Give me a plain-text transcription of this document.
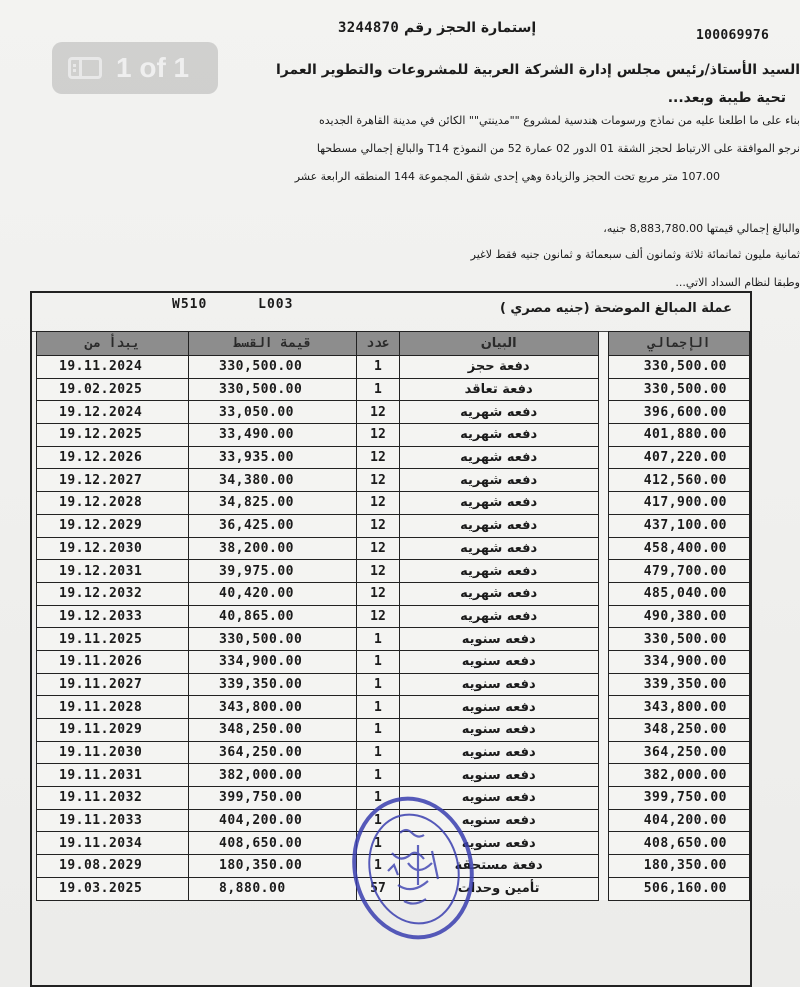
1 of 1
100069976
إستمارة الحجز رقم 3244870
السيد الأستاذ/رئيس مجلس إدارة الشركة العربية للمشروعات والتطوير العمرا
تحية طيبة وبعد...
بناء على ما اطلعنا عليه من نماذج ورسومات هندسية لمشروع ""مدينتي"" الكائن في مدينة القاهرة الجديده
نرجو الموافقة على الارتباط لحجز الشقة 01 الدور 02 عمارة 52 من النموذج T14 والبالغ إجمالي مسطحها
107.00 متر مربع تحت الحجز والزيادة وهي إحدى شقق المجموعة 144 المنطقه الرابعة عشر
والبالغ إجمالي قيمتها 8,883,780.00 جنيه،
ثمانية مليون ثمانمائة ثلاثة وثمانون ألف سبعمائة و ثمانون جنيه فقط لاغير
وطبقا لنظام السداد الاتي...
W510	L003	عملة المبالغ الموضحة (جنيه مصري )
يبدأ من	قيمة القسط	عدد	البيان		الإجمالي
19.11.2024	330,500.00	1	دفعة حجز		330,500.00
19.02.2025	330,500.00	1	دفعة تعاقد		330,500.00
19.12.2024	33,050.00	12	دفعه شهريه		396,600.00
19.12.2025	33,490.00	12	دفعه شهريه		401,880.00
19.12.2026	33,935.00	12	دفعه شهريه		407,220.00
19.12.2027	34,380.00	12	دفعه شهريه		412,560.00
19.12.2028	34,825.00	12	دفعه شهريه		417,900.00
19.12.2029	36,425.00	12	دفعه شهريه		437,100.00
19.12.2030	38,200.00	12	دفعه شهريه		458,400.00
19.12.2031	39,975.00	12	دفعه شهريه		479,700.00
19.12.2032	40,420.00	12	دفعه شهريه		485,040.00
19.12.2033	40,865.00	12	دفعه شهريه		490,380.00
19.11.2025	330,500.00	1	دفعه سنويه		330,500.00
19.11.2026	334,900.00	1	دفعه سنويه		334,900.00
19.11.2027	339,350.00	1	دفعه سنويه		339,350.00
19.11.2028	343,800.00	1	دفعه سنويه		343,800.00
19.11.2029	348,250.00	1	دفعه سنويه		348,250.00
19.11.2030	364,250.00	1	دفعه سنويه		364,250.00
19.11.2031	382,000.00	1	دفعه سنويه		382,000.00
19.11.2032	399,750.00	1	دفعه سنويه		399,750.00
19.11.2033	404,200.00	1	دفعه سنويه		404,200.00
19.11.2034	408,650.00	1	دفعه سنويه		408,650.00
19.08.2029	180,350.00	1	دفعة مستحقة		180,350.00
19.03.2025	8,880.00	57	تأمين وحدات		506,160.00
